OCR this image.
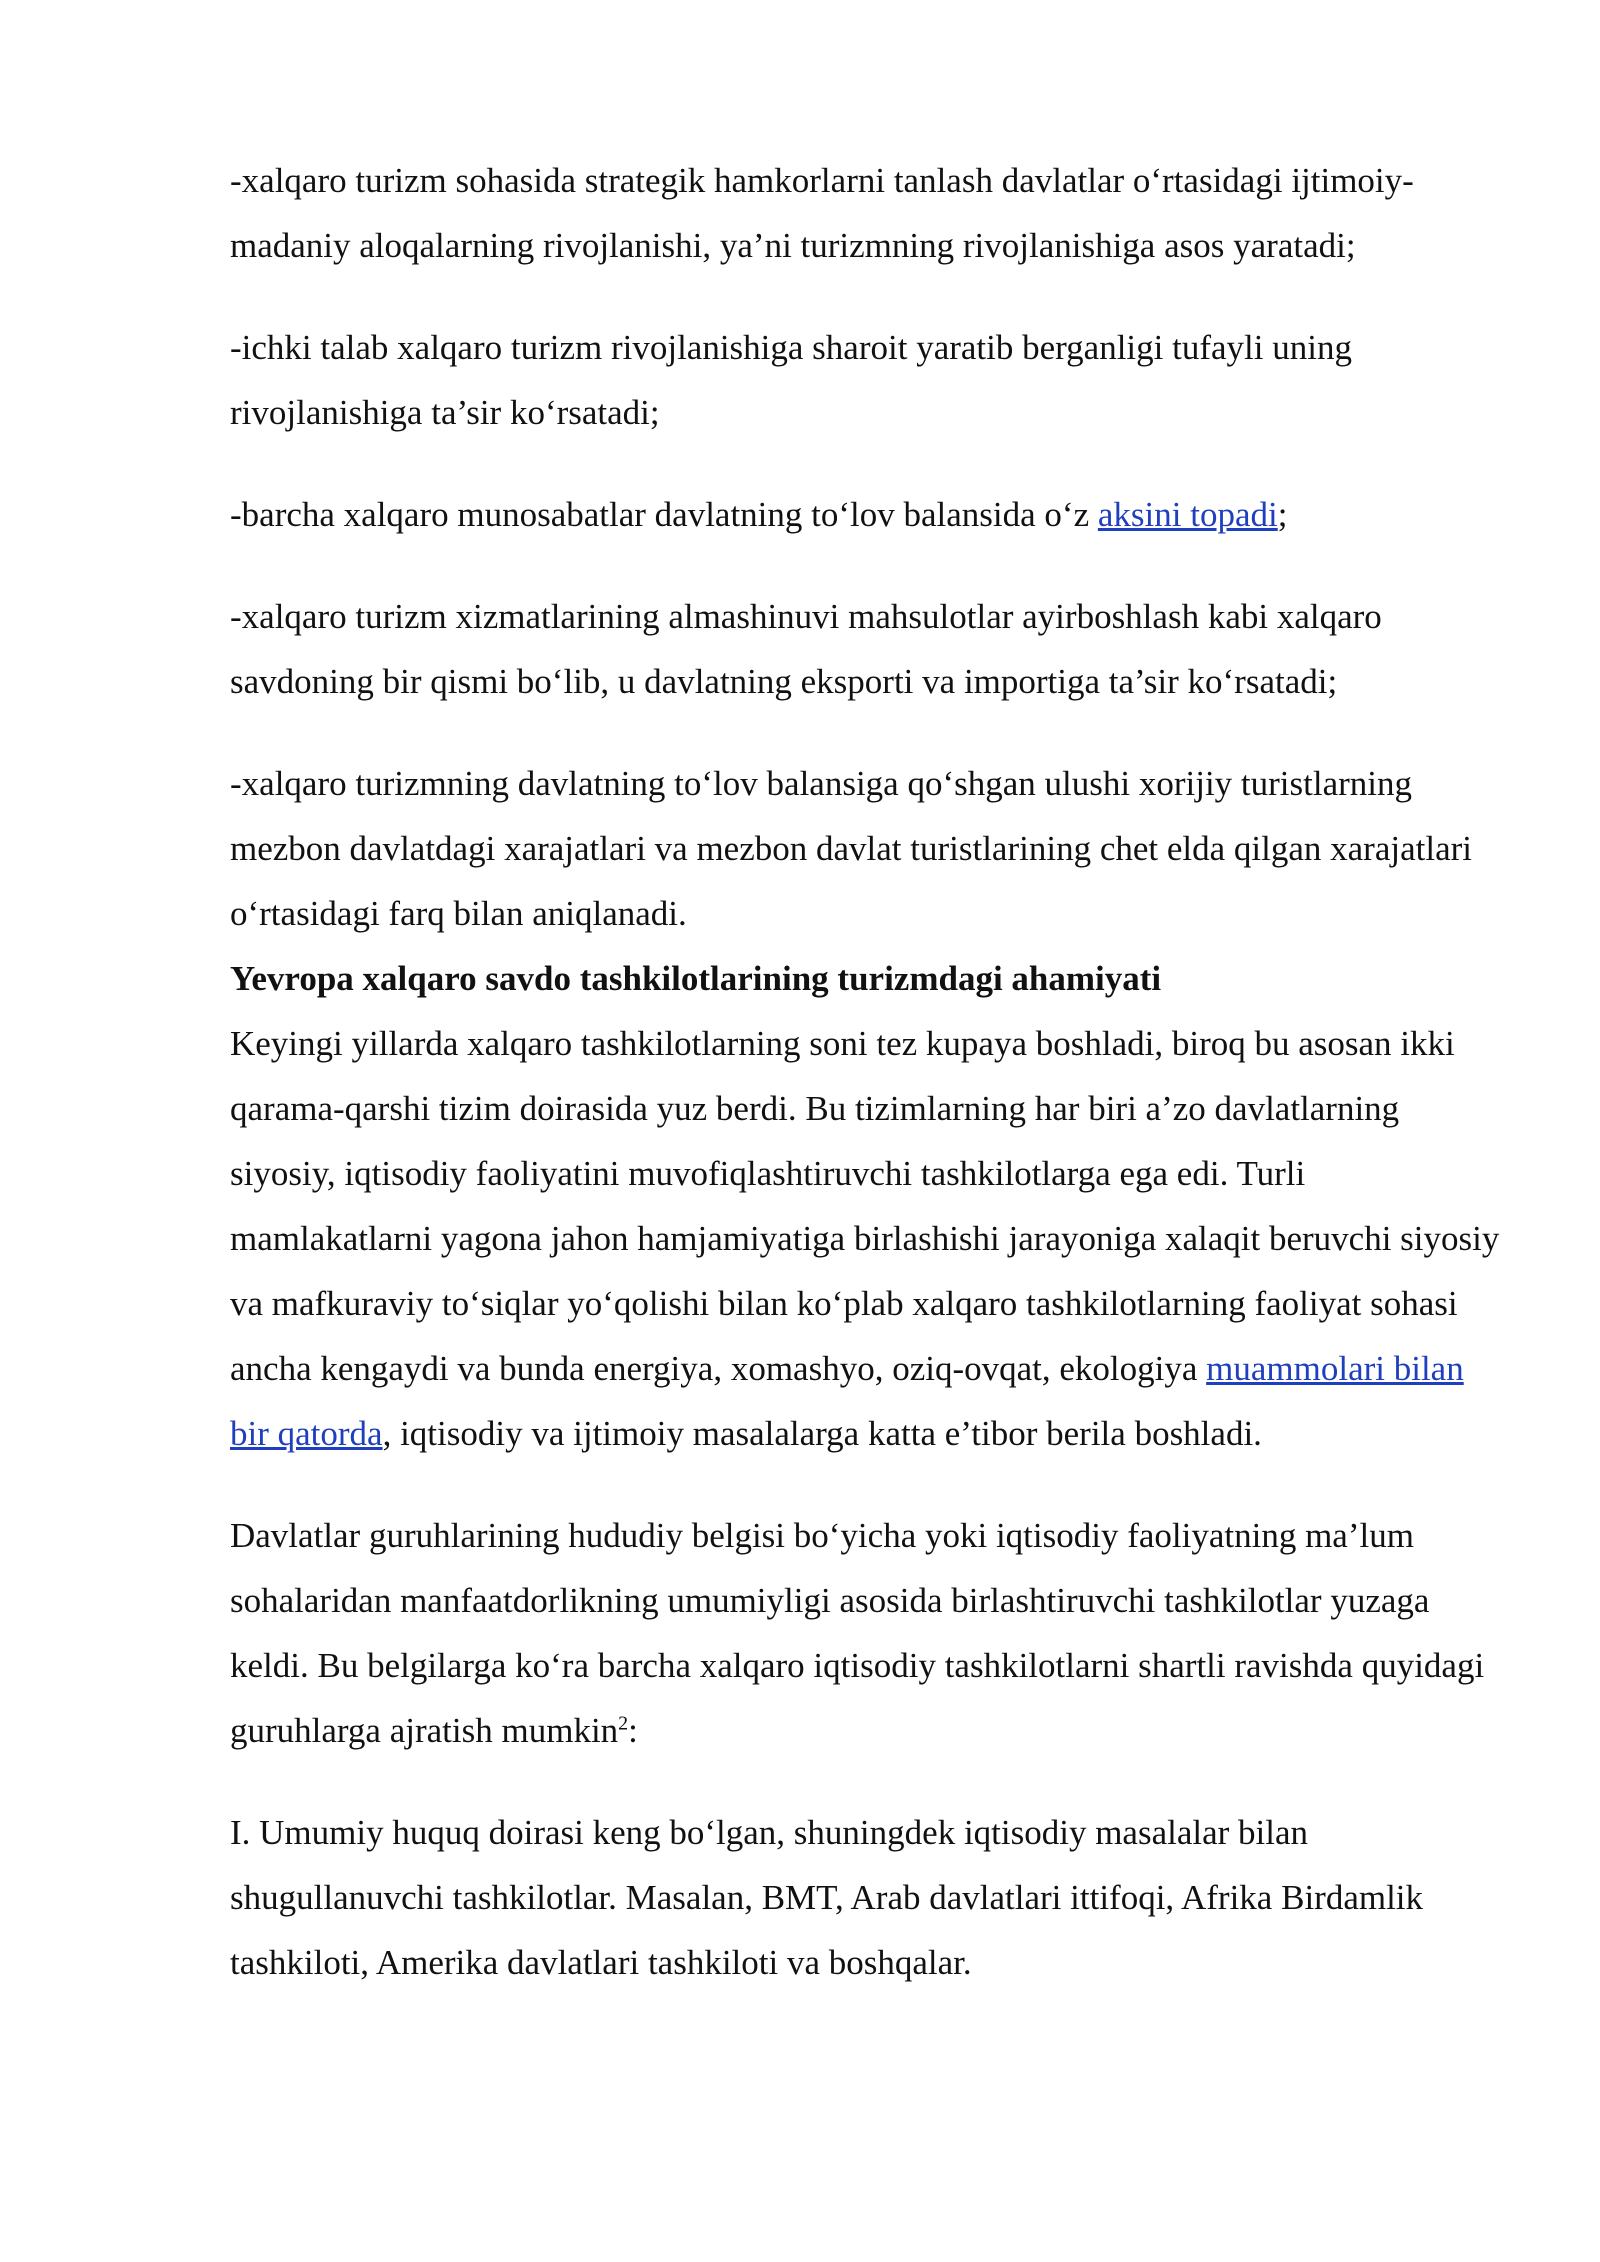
-xalqaro turizm sohasida strategik hamkorlarni tanlash davlatlar o‘rtasidagi ijtimoiy-madaniy aloqalarning rivojlanishi, ya’ni turizmning rivojlanishiga asos yaratadi;

-ichki talab xalqaro turizm rivojlanishiga sharoit yaratib berganligi tufayli uning rivojlanishiga ta’sir ko‘rsatadi;

-barcha xalqaro munosabatlar davlatning to‘lov balansida o‘z aksini topadi;

-xalqaro turizm xizmatlarining almashinuvi mahsulotlar ayirboshlash kabi xalqaro savdoning bir qismi bo‘lib, u davlatning eksporti va importiga ta’sir ko‘rsatadi;

-xalqaro turizmning davlatning to‘lov balansiga qo‘shgan ulushi xorijiy turistlarning mezbon davlatdagi xarajatlari va mezbon davlat turistlarining chet elda qilgan xarajatlari o‘rtasidagi farq bilan aniqlanadi.

Yevropa xalqaro savdo tashkilotlarining turizmdagi ahamiyati

Keyingi yillarda xalqaro tashkilotlarning soni tez kupaya boshladi, biroq bu asosan ikki qarama-qarshi tizim doirasida yuz berdi. Bu tizimlarning har biri a’zo davlatlarning siyosiy, iqtisodiy faoliyatini muvofiqlashtiruvchi tashkilotlarga ega edi. Turli mamlakatlarni yagona jahon hamjamiyatiga birlashishi jarayoniga xalaqit beruvchi siyosiy va mafkuraviy to‘siqlar yo‘qolishi bilan ko‘plab xalqaro tashkilotlarning faoliyat sohasi ancha kengaydi va bunda energiya, xomashyo, oziq-ovqat, ekologiya muammolari bilan bir qatorda, iqtisodiy va ijtimoiy masalalarga katta e’tibor berila boshladi.

Davlatlar guruhlarining hududiy belgisi bo‘yicha yoki iqtisodiy faoliyatning ma’lum sohalaridan manfaatdorlikning umumiyligi asosida birlashtiruvchi tashkilotlar yuzaga keldi. Bu belgilarga ko‘ra barcha xalqaro iqtisodiy tashkilotlarni shartli ravishda quyidagi guruhlarga ajratish mumkin$^2$:

I. Umumiy huquq doirasi keng bo‘lgan, shuningdek iqtisodiy masalalar bilan shugullanuvchi tashkilotlar. Masalan, BMT, Arab davlatlari ittifoqi, Afrika Birdamlik tashkiloti, Amerika davlatlari tashkiloti va boshqalar.
